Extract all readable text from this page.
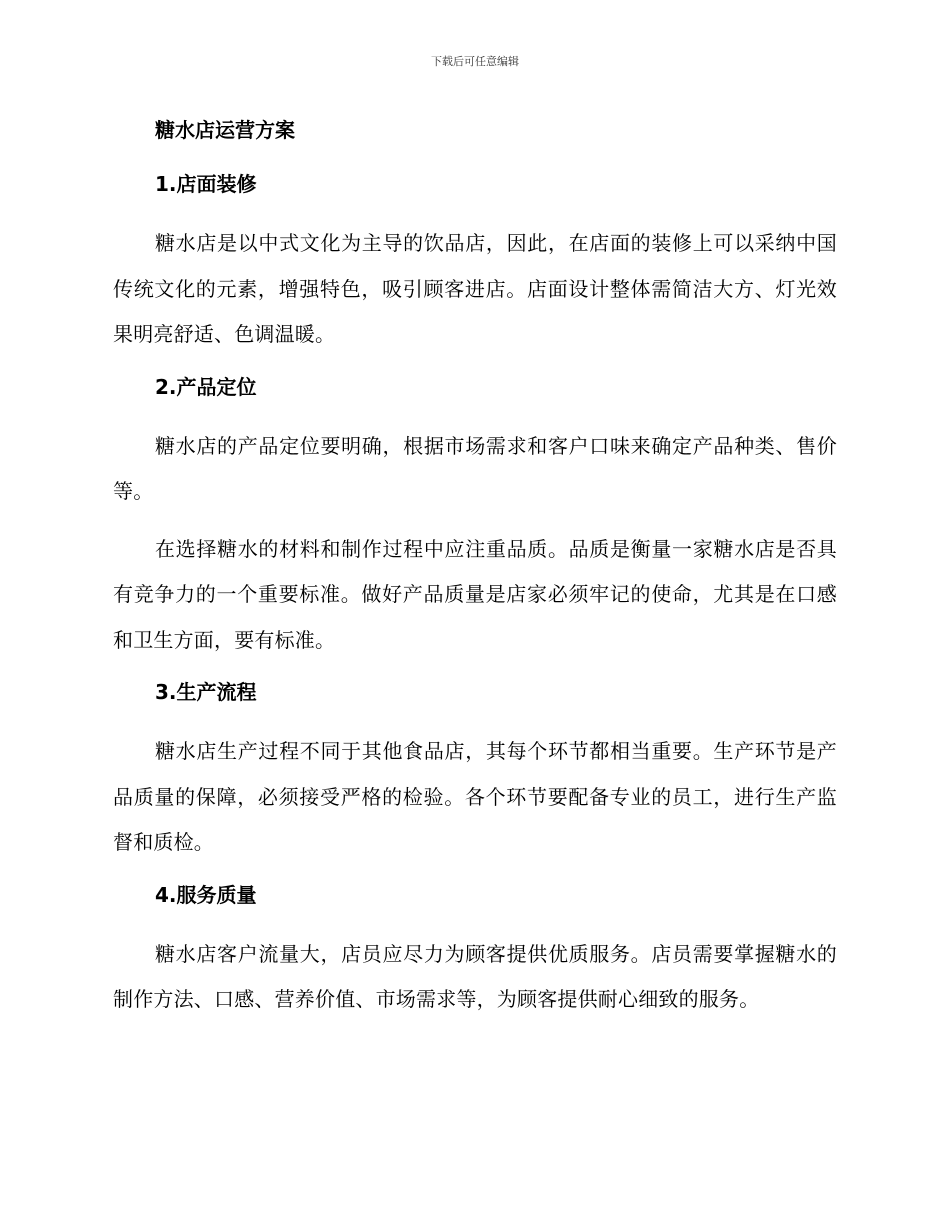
下载后可任意编辑
糖水店运营方案
1.店面装修

糖水店是以中式文化为主导的饮品店，因此，在店面的装修上可以采纳中国传统文化的元素，增强特色，吸引顾客进店。店面设计整体需简洁大方、灯光效果明亮舒适、色调温暖。

2.产品定位

糖水店的产品定位要明确，根据市场需求和客户口味来确定产品种类、售价等。

在选择糖水的材料和制作过程中应注重品质。品质是衡量一家糖水店是否具有竞争力的一个重要标准。做好产品质量是店家必须牢记的使命，尤其是在口感和卫生方面，要有标准。

3.生产流程

糖水店生产过程不同于其他食品店，其每个环节都相当重要。生产环节是产品质量的保障，必须接受严格的检验。各个环节要配备专业的员工，进行生产监督和质检。

4.服务质量

糖水店客户流量大，店员应尽力为顾客提供优质服务。店员需要掌握糖水的制作方法、口感、营养价值、市场需求等，为顾客提供耐心细致的服务。
